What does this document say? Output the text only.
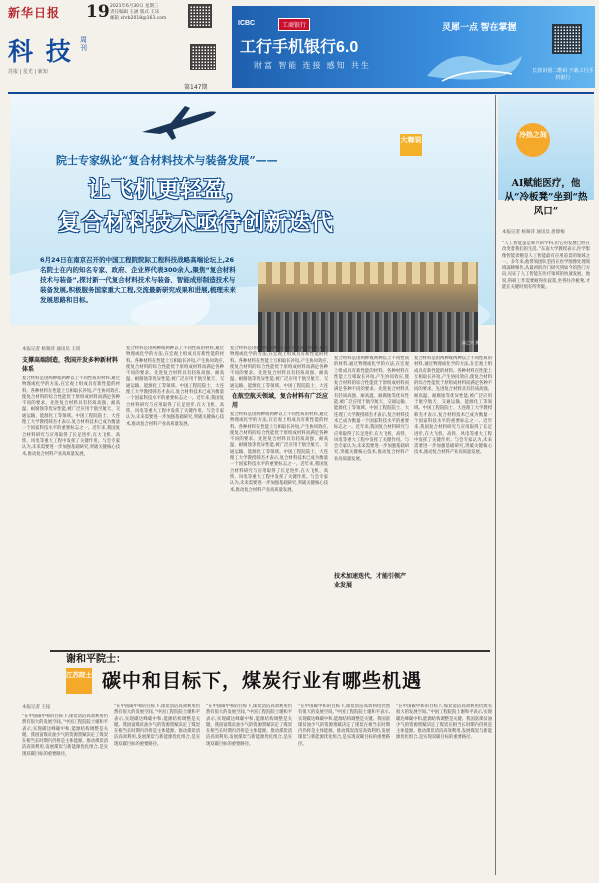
新华日报	19 2021年6月30日 星期三
责任编辑 王涵 版式 王乐
邮箱 xhrb2018@163.com
科 技	周刊
苏报 | 星光 | 新知
第147期
ICBC	工商银行
工行手机银行6.0
财富 智能 连接 感知 共生
灵犀一点 智在掌握
长按识别二维码 下载工行手机银行
大咖说
院士专家纵论“复合材料技术与装备发展”——
让飞机更轻盈，
复合材料技术亟待创新迭代
6月24日在南京召开的中国工程院院际工程科技战略高端论坛上,26名院士在内的知名专家、政府、企业界代表300余人,聚焦“复合材料技术与装备”,探讨新一代复合材料技术与装备、智能成形制造技术与装备发展,积极服务国家重大工程,交流最新研究成果和进展,梳理未来发展思路和目标。
高之兴 摄
本报记者 杨频萍 通讯员 王琦
支撑高端制造，我国开发多种新材料体系
复合材料是由两种或两种以上不同性质的材料,通过物理或化学的方法,在宏观上组成具有新性能的材料。各种材料在性能上互相取长补短,产生协同效应,使复合材料的综合性能优于原组成材料而满足各种不同的要求。先进复合材料具有轻质高强、耐高温、耐腐蚀等优异性能,被广泛应用于航空航天、交通运输、能源化工等领域。中国工程院院士、大连理工大学教授韩杰才表示,复合材料技术已成为衡量一个国家科技水平的重要标志之一。近年来,我国复合材料研究与应用取得了长足进步,在大飞机、高铁、风电等重大工程中发挥了关键作用。与会专家认为,未来需要进一步加强基础研究,突破关键核心技术,推动复合材料产业高质量发展。
复合材料是由两种或两种以上不同性质的材料,通过物理或化学的方法,在宏观上组成具有新性能的材料。各种材料在性能上互相取长补短,产生协同效应,使复合材料的综合性能优于原组成材料而满足各种不同的要求。先进复合材料具有轻质高强、耐高温、耐腐蚀等优异性能,被广泛应用于航空航天、交通运输、能源化工等领域。中国工程院院士、大连理工大学教授韩杰才表示,复合材料技术已成为衡量一个国家科技水平的重要标志之一。近年来,我国复合材料研究与应用取得了长足进步,在大飞机、高铁、风电等重大工程中发挥了关键作用。与会专家认为,未来需要进一步加强基础研究,突破关键核心技术,推动复合材料产业高质量发展。
在航空航天领域，复合材料有广泛应用
复合材料是由两种或两种以上不同性质的材料,通过物理或化学的方法,在宏观上组成具有新性能的材料。各种材料在性能上互相取长补短,产生协同效应,使复合材料的综合性能优于原组成材料而满足各种不同的要求。先进复合材料具有轻质高强、耐高温、耐腐蚀等优异性能,被广泛应用于航空航天、交通运输、能源化工等领域。中国工程院院士、大连
复合材料是由两种或两种以上不同性质的材料,通过物理或化学的方法,在宏观上组成具有新性能的材料。各种材料在性能上互相取长补短,产生协同效应,使复合材料的综合性能优于原组成材料而满足各种不同的要求。先进复合材料具有轻质高强、耐高温、耐腐蚀等优异性能,被广泛应用于航空航天、交通运输、能源化工等领域。中国工程院院士、大连理工大学教授韩杰才表示,复合材料技术已成为衡量一个国家科技水平的重要标志之一。近年来,我国复合材料研究与应用取得了长足进步,在大飞机、高铁、风电等重大工程中发挥了关键作用。与会专家认为,未来需要进一步加强基础研究,突破关键核心技术,推动复合材料产业高质量发展。
复合材料是由两种或两种以上不同性质的材料,通过物理或化学的方法,在宏观上组成具有新性能的材料。各种材料在性能上互相取长补短,产生协同效应,使复合材料的综合性能优于原组成材料而满足各种不同的要求。先进复合材料具有轻质高强、耐高温、耐腐蚀等优异性能,被广泛应用于航空航天、交通运输、能源化工等领域。中国工程院院士、大连理工大学教授韩杰才表示,复合材料技术已成为衡量一个国家科技水平的重要标志之一。近年来,我国复合材料研究与应用取得了长足进步,在大飞机、高铁、风电等重大工程中发挥了关键作用。与会专家认为,未来需要进一步加强基础研究,突破关键核心技术,推动复合材料产业高质量发展。
技术加速迭代，才能引领产业发展
复合材料是由两种或两种以上不同性质的材料,通过物理或化学的方法,在宏观上组成具有新性能的材料。各种材料在性能上互相取长补短,产生协同效应,使复合材料的综合性能优于原组成材料而满足各种不同的要求。先进复合材料具有轻质高强、耐高温、耐腐蚀等优异性能,被广泛应用于航空航天、交通运输、能源化工等领域。中国工程院院士、大连理工大学教授韩杰才表示,复合材料技术已成为衡量一个国家科技水平的重要标志之一。近年来,我国复合材料研究与应用取得了长足进步,在大飞机、高铁、风电等重大工程中发挥了关键作用。与会专家认为,未来需要进一步加强基础研究,突破关键核心技术,推动复合材料产业高质量发展。
冷热之间
AI赋能医疗，他从“冷板凳”坐到“热风口”
本报记者 杨频萍 通讯员 唐锦梅
“人工智能虽是新兴的学科,但它的发展已经在改变着我们的生活。”东南大学教授表示,医学影像智能诊断是人工智能最有应用前景的领域之一。多年来,他带领团队坚持在医学图像处理领域深耕细作,从最初的冷门研究到如今的热门方向,见证了人工智能在医疗领域的快速发展。他说,科研工作需要耐得住寂寞,坐得住冷板凳,才能在关键时刻有所突破。
谢和平院士：
江苏院士 碳中和目标下，煤炭行业有哪些机遇
本报记者 王拓
“在中国碳中和的目标下,煤炭清洁高效利用仍然有很大的发展空间。”中国工程院院士谢和平表示,实现碳达峰碳中和,能源结构调整是关键。我国富煤贫油少气的资源禀赋决定了煤炭在相当长时期内仍将是主体能源。推动煤炭清洁高效利用,发展煤炭与新能源优化组合,是实现双碳目标的重要路径。
“在中国碳中和的目标下,煤炭清洁高效利用仍然有很大的发展空间。”中国工程院院士谢和平表示,实现碳达峰碳中和,能源结构调整是关键。我国富煤贫油少气的资源禀赋决定了煤炭在相当长时期内仍将是主体能源。推动煤炭清洁高效利用,发展煤炭与新能源优化组合,是实现双碳目标的重要路径。
“在中国碳中和的目标下,煤炭清洁高效利用仍然有很大的发展空间。”中国工程院院士谢和平表示,实现碳达峰碳中和,能源结构调整是关键。我国富煤贫油少气的资源禀赋决定了煤炭在相当长时期内仍将是主体能源。推动煤炭清洁高效利用,发展煤炭与新能源优化组合,是实现双碳目标的重要路径。
“在中国碳中和的目标下,煤炭清洁高效利用仍然有很大的发展空间。”中国工程院院士谢和平表示,实现碳达峰碳中和,能源结构调整是关键。我国富煤贫油少气的资源禀赋决定了煤炭在相当长时期内仍将是主体能源。推动煤炭清洁高效利用,发展煤炭与新能源优化组合,是实现双碳目标的重要路径。
“在中国碳中和的目标下,煤炭清洁高效利用仍然有很大的发展空间。”中国工程院院士谢和平表示,实现碳达峰碳中和,能源结构调整是关键。我国富煤贫油少气的资源禀赋决定了煤炭在相当长时期内仍将是主体能源。推动煤炭清洁高效利用,发展煤炭与新能源优化组合,是实现双碳目标的重要路径。
